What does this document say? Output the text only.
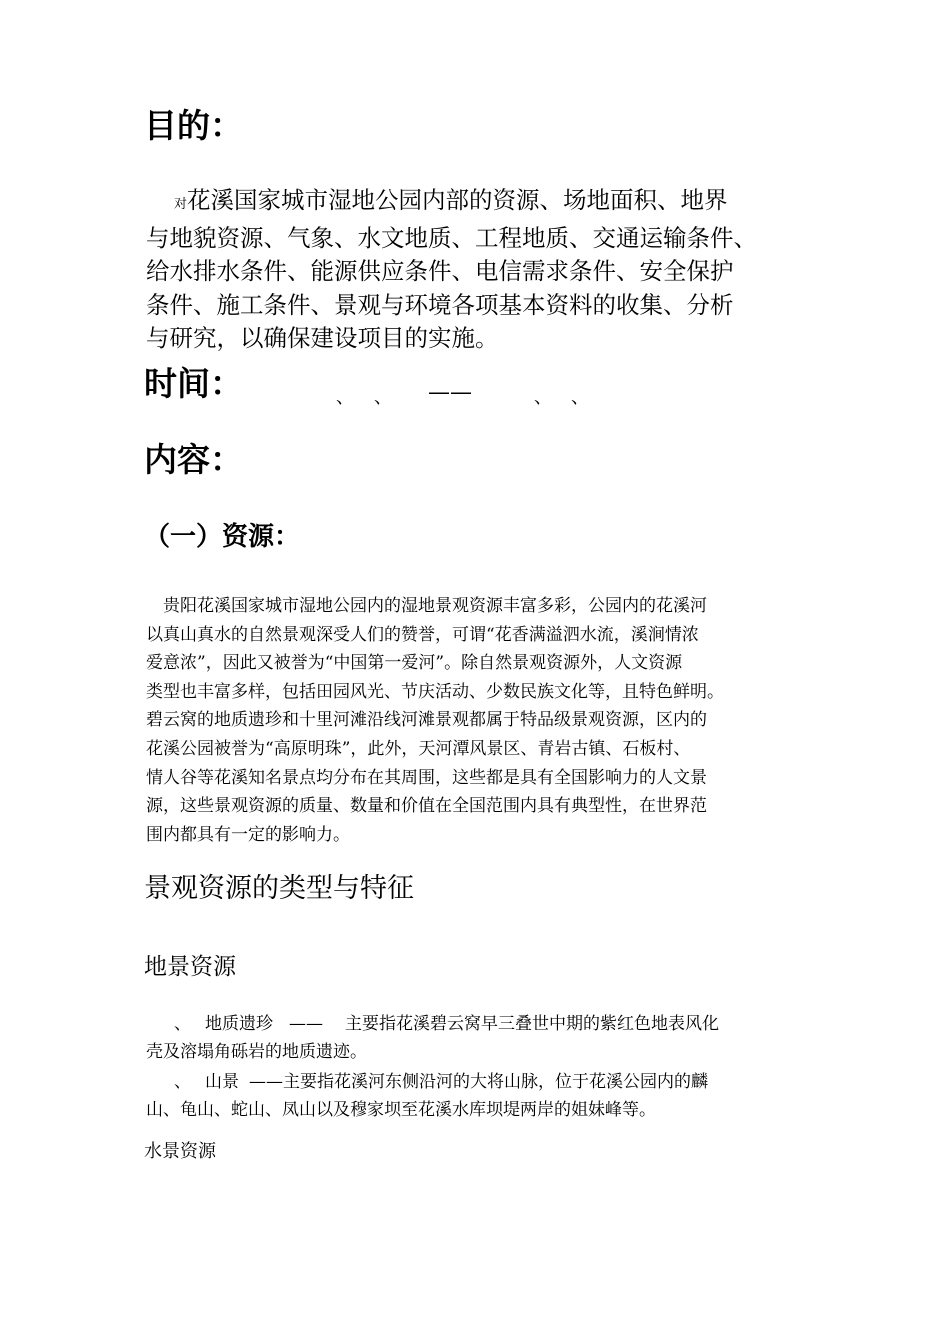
目的：
对花溪国家城市湿地公园内部的资源、场地面积、地界
与地貌资源、气象、水文地质、工程地质、交通运输条件、
给水排水条件、能源供应条件、电信需求条件、安全保护
条件、施工条件、景观与环境各项基本资料的收集、分析
与研究，以确保建设项目的实施。
时间：	、 、 ——	、 、
内容：
（一）资源：
贵阳花溪国家城市湿地公园内的湿地景观资源丰富多彩，公园内的花溪河
以真山真水的自然景观深受人们的赞誉，可谓“花香满溢泗水流，溪涧情浓
爱意浓”，因此又被誉为“中国第一爱河”。除自然景观资源外，人文资源
类型也丰富多样，包括田园风光、节庆活动、少数民族文化等，且特色鲜明。
碧云窝的地质遗珍和十里河滩沿线河滩景观都属于特品级景观资源，区内的
花溪公园被誉为“高原明珠”，此外，天河潭风景区、青岩古镇、石板村、
情人谷等花溪知名景点均分布在其周围，这些都是具有全国影响力的人文景
源，这些景观资源的质量、数量和价值在全国范围内具有典型性，在世界范
围内都具有一定的影响力。
景观资源的类型与特征
地景资源
、 地质遗珍 —— 主要指花溪碧云窝早三叠世中期的紫红色地表风化
壳及溶塌角砾岩的地质遗迹。
、 山景 ——主要指花溪河东侧沿河的大将山脉，位于花溪公园内的麟
山、龟山、蛇山、凤山以及穆家坝至花溪水库坝堤两岸的姐妹峰等。
水景资源
